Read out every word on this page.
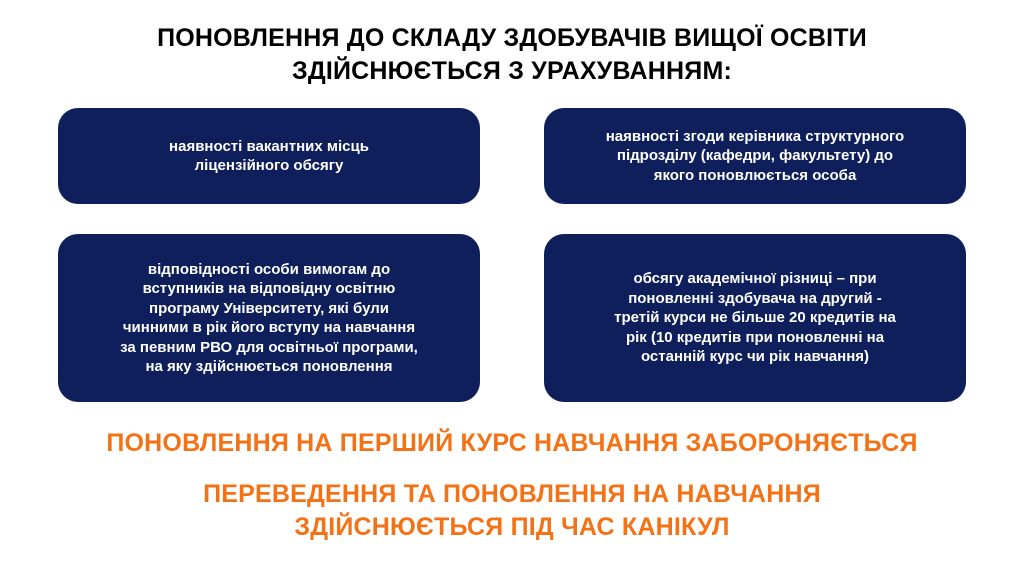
ПОНОВЛЕННЯ ДО СКЛАДУ ЗДОБУВАЧІВ ВИЩОЇ ОСВІТИ
ЗДІЙСНЮЄТЬСЯ З УРАХУВАННЯМ:
наявності вакантних місць
ліцензійного обсягу
наявності згоди керівника структурного
підрозділу (кафедри, факультету) до
якого поновлюється особа
відповідності особи вимогам до
вступників на відповідну освітню
програму Університету, які були
чинними в рік його вступу на навчання
за певним РВО для освітньої програми,
на яку здійснюється поновлення
обсягу академічної різниці – при
поновленні здобувача на другий -
третій курси не більше 20 кредитів на
рік (10 кредитів при поновленні на
останній курс чи рік навчання)
ПОНОВЛЕННЯ НА ПЕРШИЙ КУРС НАВЧАННЯ ЗАБОРОНЯЄТЬСЯ
ПЕРЕВЕДЕННЯ ТА ПОНОВЛЕННЯ НА НАВЧАННЯ
ЗДІЙСНЮЄТЬСЯ ПІД ЧАС КАНІКУЛ
